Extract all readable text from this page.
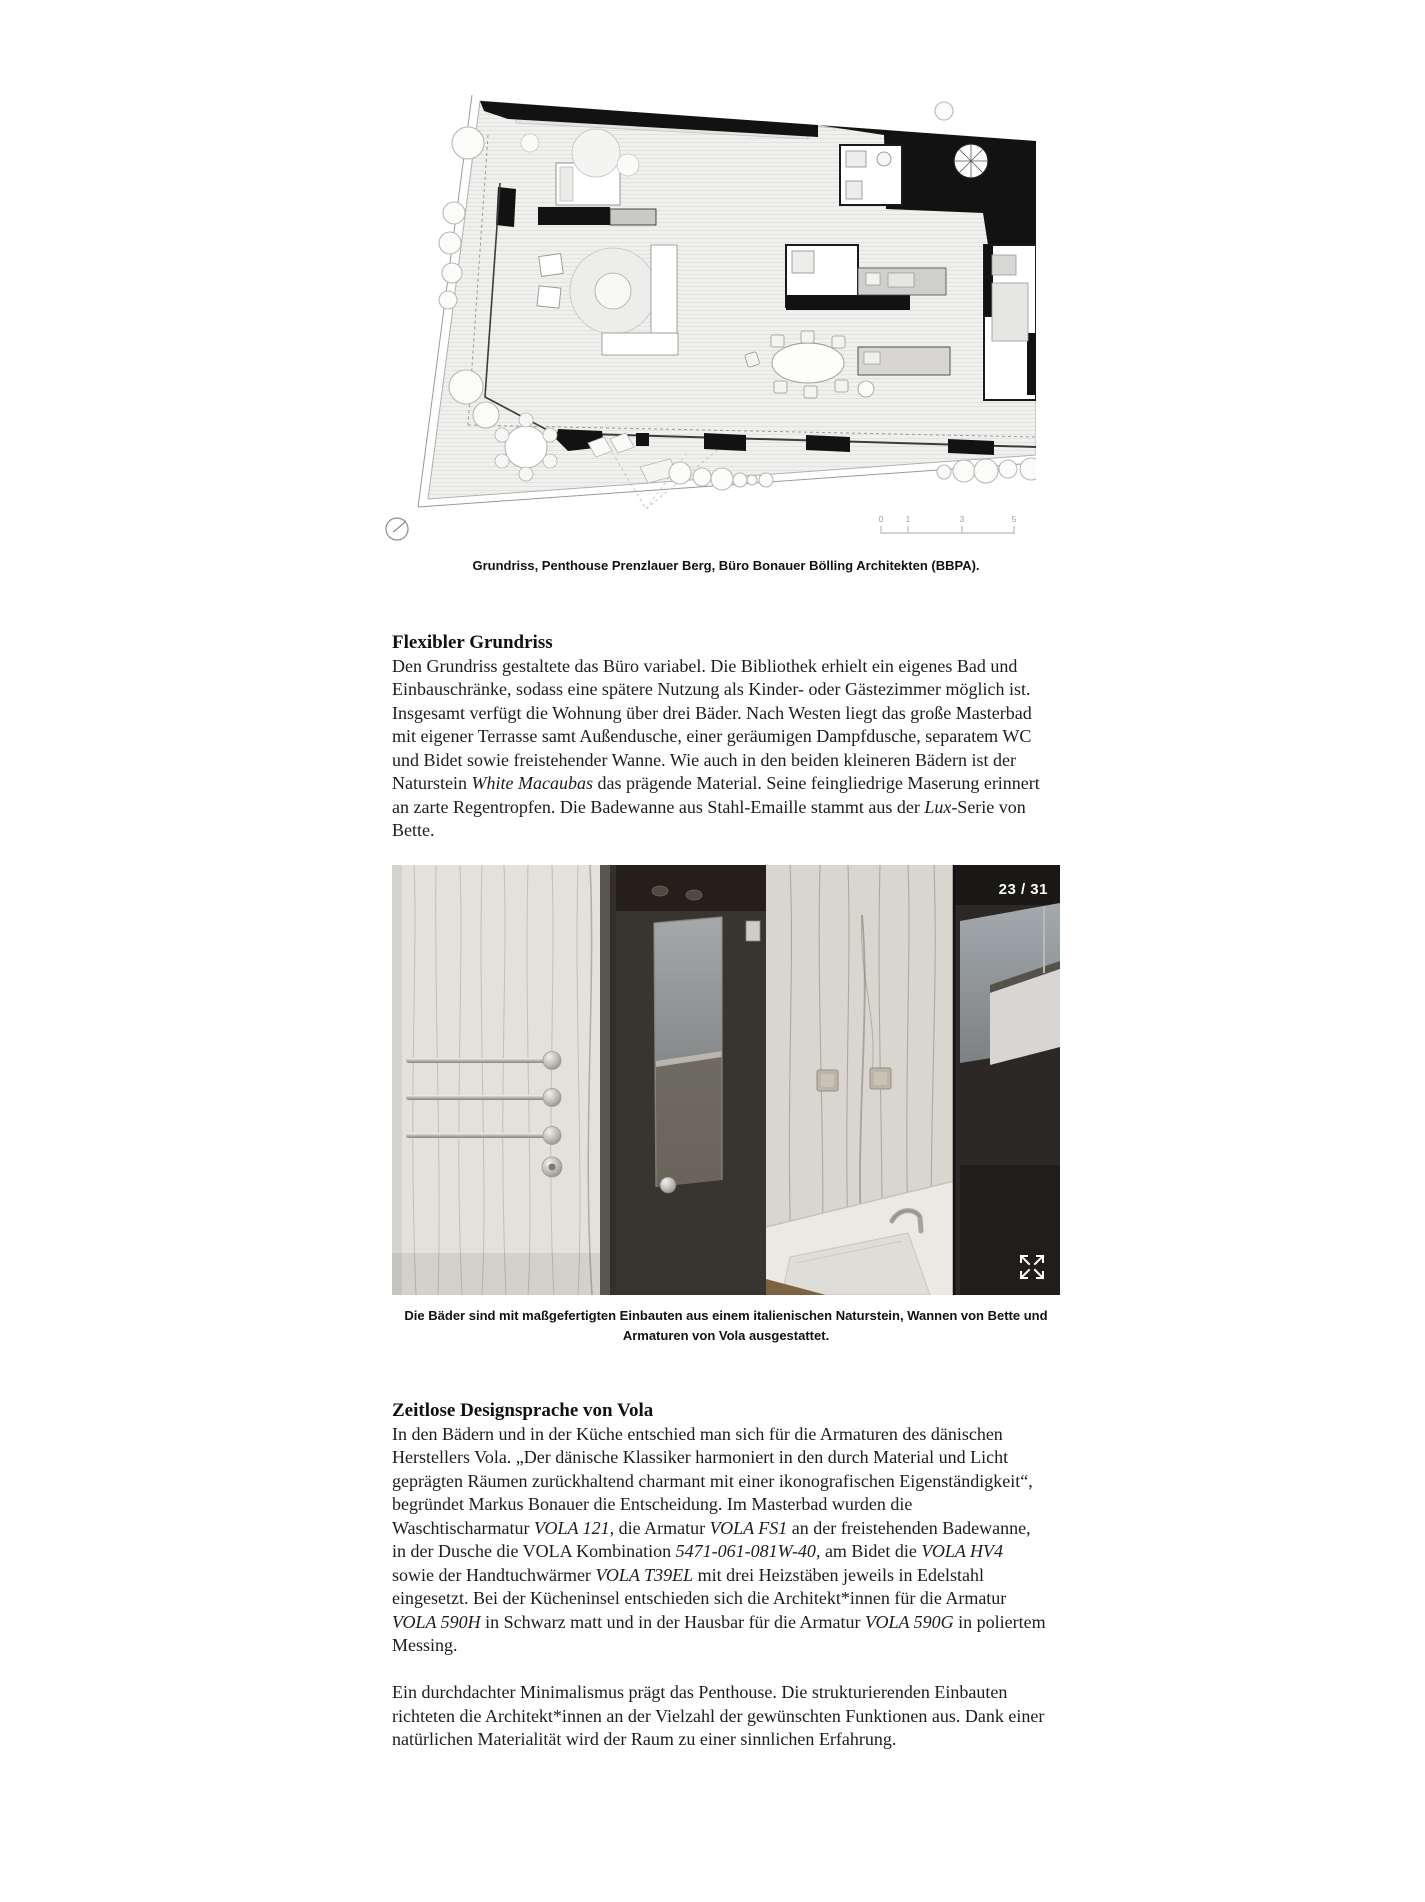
0	1	3	5
Grundriss, Penthouse Prenzlauer Berg, Büro Bonauer Bölling Architekten (BBPA).
Flexibler Grundriss

Den Grundriss gestaltete das Büro variabel. Die Bibliothek erhielt ein eigenes Bad und Einbauschränke, sodass eine spätere Nutzung als Kinder- oder Gästezimmer möglich ist. Insgesamt verfügt die Wohnung über drei Bäder. Nach Westen liegt das große Masterbad mit eigener Terrasse samt Außendusche, einer geräumigen Dampfdusche, separatem WC und Bidet sowie freistehender Wanne. Wie auch in den beiden kleineren Bädern ist der Naturstein White Macaubas das prägende Material. Seine feingliedrige Maserung erinnert an zarte Regentropfen. Die Badewanne aus Stahl-Emaille stammt aus der Lux-Serie von Bette.

23 / 31
Die Bäder sind mit maßgefertigten Einbauten aus einem italienischen Naturstein, Wannen von Bette und Armaturen von Vola ausgestattet.
Zeitlose Designsprache von Vola

In den Bädern und in der Küche entschied man sich für die Armaturen des dänischen Herstellers Vola. „Der dänische Klassiker harmoniert in den durch Material und Licht geprägten Räumen zurückhaltend charmant mit einer ikonografischen Eigenständigkeit“, begründet Markus Bonauer die Entscheidung. Im Masterbad wurden die Waschtischarmatur VOLA 121, die Armatur VOLA FS1 an der freistehenden Badewanne, in der Dusche die VOLA Kombination 5471-061-081W-40, am Bidet die VOLA HV4 sowie der Handtuchwärmer VOLA T39EL mit drei Heizstäben jeweils in Edelstahl eingesetzt. Bei der Kücheninsel entschieden sich die Architekt*innen für die Armatur VOLA 590H in Schwarz matt und in der Hausbar für die Armatur VOLA 590G in poliertem Messing.

Ein durchdachter Minimalismus prägt das Penthouse. Die strukturierenden Einbauten richteten die Architekt*innen an der Vielzahl der gewünschten Funktionen aus. Dank einer natürlichen Materialität wird der Raum zu einer sinnlichen Erfahrung.
